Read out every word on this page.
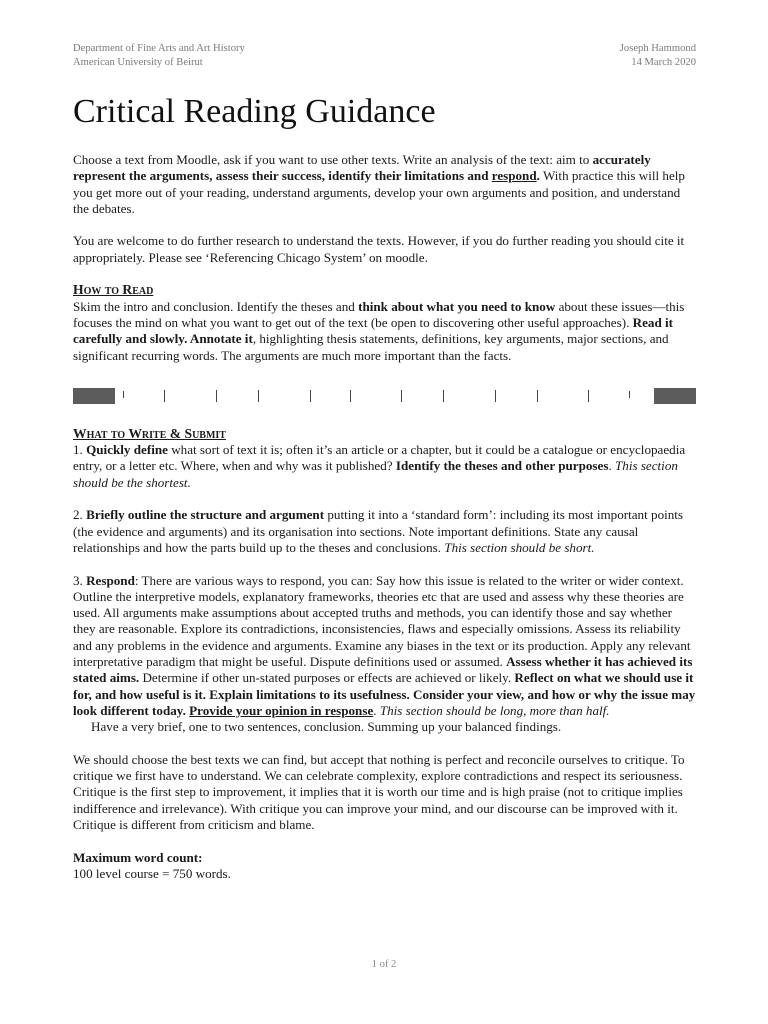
Department of Fine Arts and Art History
American University of Beirut
Joseph Hammond
14 March 2020
Critical Reading Guidance

Choose a text from Moodle, ask if you want to use other texts. Write an analysis of the text: aim to accurately represent the arguments, assess their success, identify their limitations and respond. With practice this will help you get more out of your reading, understand arguments, develop your own arguments and position, and understand the debates.

You are welcome to do further research to understand the texts. However, if you do further reading you should cite it appropriately. Please see ‘Referencing Chicago System’ on moodle.

How to Read

Skim the intro and conclusion. Identify the theses and think about what you need to know about these issues—this focuses the mind on what you want to get out of the text (be open to discovering other useful approaches). Read it carefully and slowly. Annotate it, highlighting thesis statements, definitions, key arguments, major sections, and significant recurring words. The arguments are much more important than the facts.

What to Write & Submit

1. Quickly define what sort of text it is; often it’s an article or a chapter, but it could be a catalogue or encyclopaedia entry, or a letter etc. Where, when and why was it published? Identify the theses and other purposes. This section should be the shortest.

2. Briefly outline the structure and argument putting it into a ‘standard form’: including its most important points (the evidence and arguments) and its organisation into sections. Note important definitions. State any causal relationships and how the parts build up to the theses and conclusions. This section should be short.

3. Respond: There are various ways to respond, you can: Say how this issue is related to the writer or wider context. Outline the interpretive models, explanatory frameworks, theories etc that are used and assess why these theories are used. All arguments make assumptions about accepted truths and methods, you can identify those and say whether they are reasonable. Explore its contradictions, inconsistencies, flaws and especially omissions. Assess its reliability and any problems in the evidence and arguments. Examine any biases in the text or its production. Apply any relevant interpretative paradigm that might be useful. Dispute definitions used or assumed. Assess whether it has achieved its stated aims. Determine if other un-stated purposes or effects are achieved or likely. Reflect on what we should use it for, and how useful is it. Explain limitations to its usefulness. Consider your view, and how or why the issue may look different today. Provide your opinion in response. This section should be long, more than half.

Have a very brief, one to two sentences, conclusion. Summing up your balanced findings.

We should choose the best texts we can find, but accept that nothing is perfect and reconcile ourselves to critique. To critique we first have to understand. We can celebrate complexity, explore contradictions and respect its seriousness. Critique is the first step to improvement, it implies that it is worth our time and is high praise (not to critique implies indifference and irrelevance). With critique you can improve your mind, and our discourse can be improved with it. Critique is different from criticism and blame.

Maximum word count:

100 level course = 750 words.

1 of 2
